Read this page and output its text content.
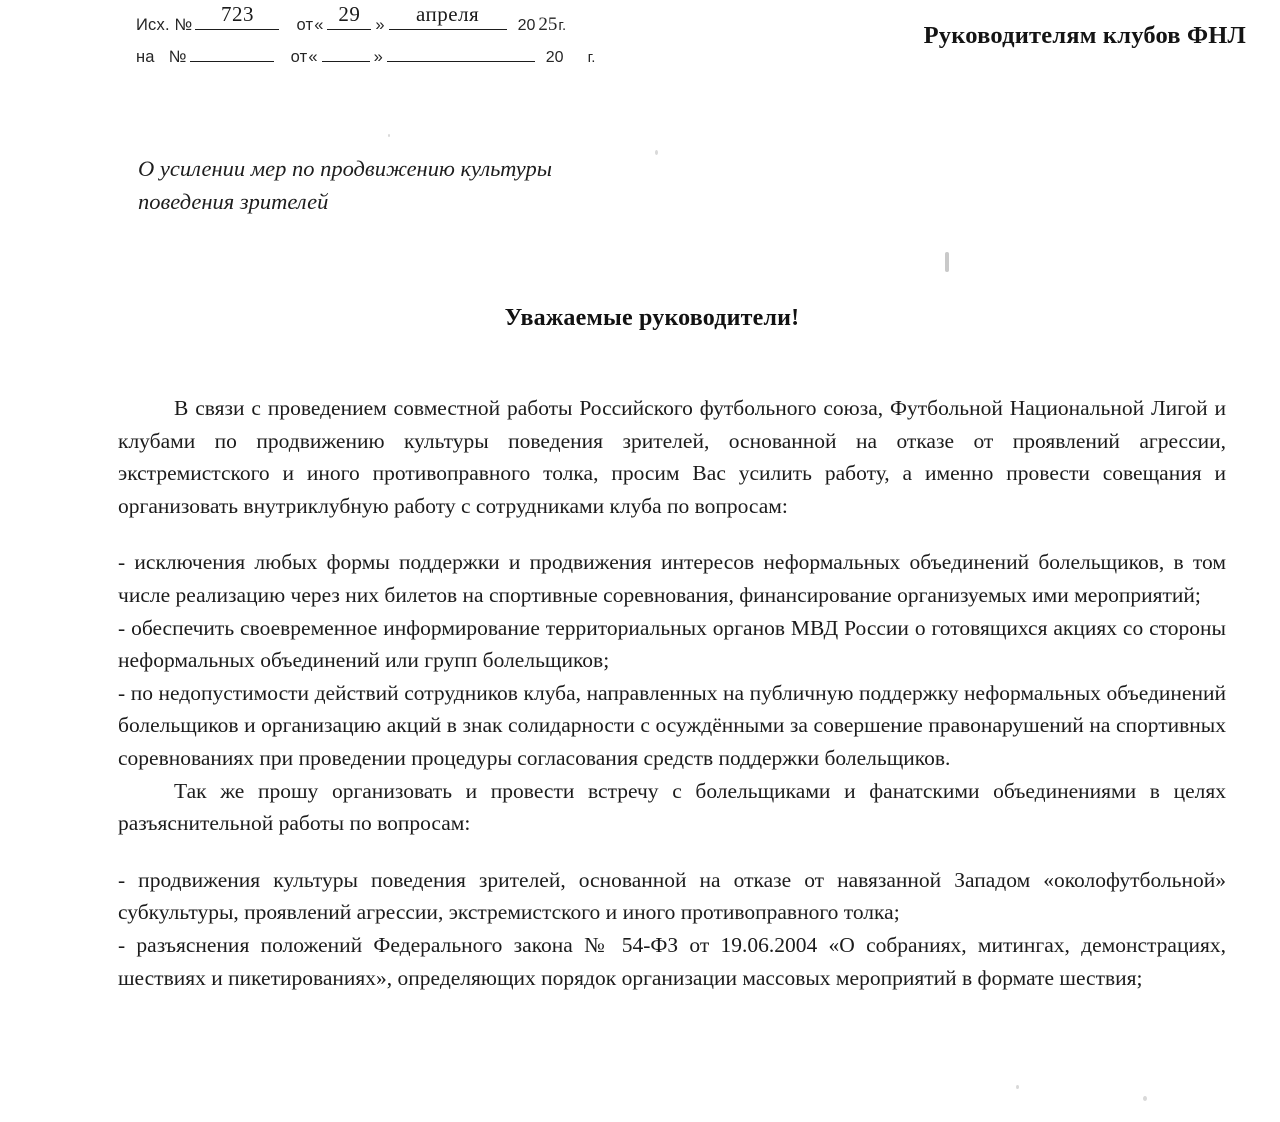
Исх. № 723	от « 29 » апреля 20 25 г.
на №	от «	»	20 г.
Руководителям клубов ФНЛ
О усилении мер по продвижению культуры
поведения зрителей
Уважаемые руководители!

В связи с проведением совместной работы Российского футбольного союза, Футбольной Национальной Лигой и клубами по продвижению культуры поведения зрителей, основанной на отказе от проявлений агрессии, экстремистского и иного противоправного толка, просим Вас усилить работу, а именно провести совещания и организовать внутриклубную работу с сотрудниками клуба по вопросам:

- исключения любых формы поддержки и продвижения интересов неформальных объединений болельщиков, в том числе реализацию через них билетов на спортивные соревнования, финансирование организуемых ими мероприятий;

- обеспечить своевременное информирование территориальных органов МВД России о готовящихся акциях со стороны неформальных объединений или групп болельщиков;

- по недопустимости действий сотрудников клуба, направленных на публичную поддержку неформальных объединений болельщиков и организацию акций в знак солидарности с осуждёнными за совершение правонарушений на спортивных соревнованиях при проведении процедуры согласования средств поддержки болельщиков.

Так же прошу организовать и провести встречу с болельщиками и фанатскими объединениями в целях разъяснительной работы по вопросам:

- продвижения культуры поведения зрителей, основанной на отказе от навязанной Западом «околофутбольной» субкультуры, проявлений агрессии, экстремистского и иного противоправного толка;

- разъяснения положений Федерального закона № 54-ФЗ от 19.06.2004 «О собраниях, митингах, демонстрациях, шествиях и пикетированиях», определяющих порядок организации массовых мероприятий в формате шествия;
